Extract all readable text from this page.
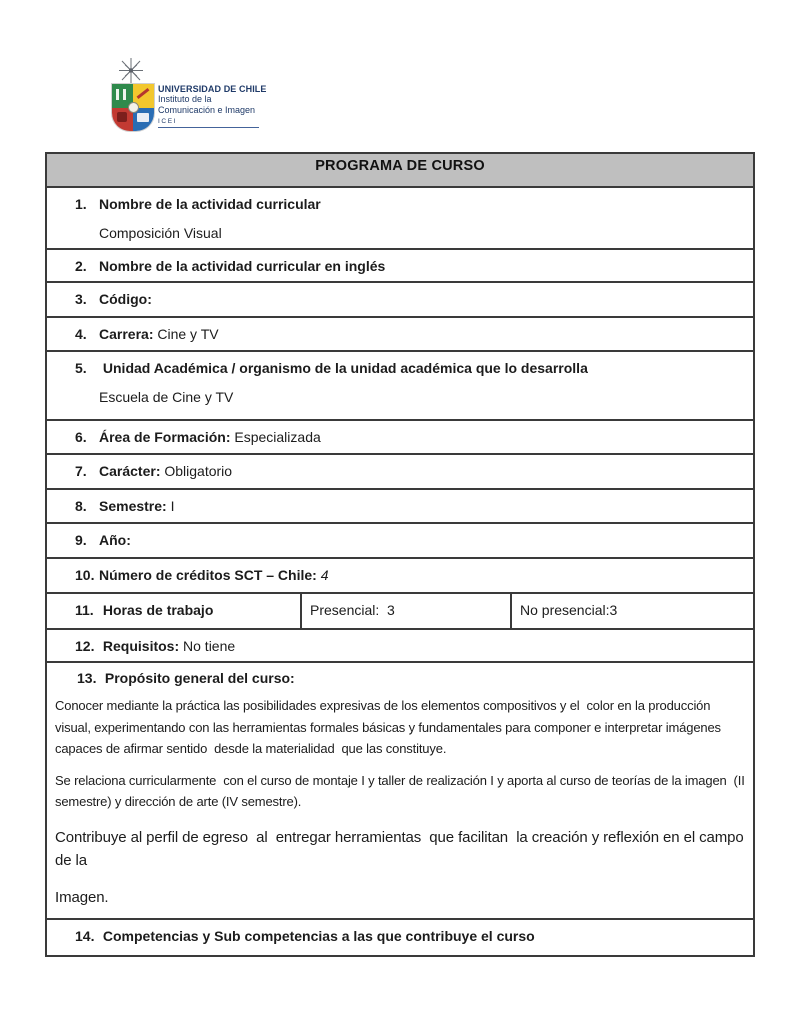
UNIVERSIDAD DE CHILE
Instituto de la
Comunicación e Imagen
ICEI
PROGRAMA DE CURSO
1. Nombre de la actividad curricular
Composición Visual
2. Nombre de la actividad curricular en inglés
3. Código:
4. Carrera: Cine y TV
5. Unidad Académica / organismo de la unidad académica que lo desarrolla
Escuela de Cine y TV
6. Área de Formación: Especializada
7. Carácter: Obligatorio
8. Semestre: I
9. Año:
10. Número de créditos SCT – Chile: 4
11. Horas de trabajo	Presencial:  3	No presencial:3
12. Requisitos: No tiene
13. Propósito general del curso:

Conocer mediante la práctica las posibilidades expresivas de los elementos compositivos y el  color en la producción visual, experimentando con las herramientas formales básicas y fundamentales para componer e interpretar imágenes capaces de afirmar sentido  desde la materialidad  que las constituye.

Se relaciona curricularmente  con el curso de montaje I y taller de realización I y aporta al curso de teorías de la imagen  (II semestre) y dirección de arte (IV semestre).

Contribuye al perfil de egreso  al  entregar herramientas  que facilitan  la creación y reflexión en el campo de la

Imagen.

14. Competencias y Sub competencias a las que contribuye el curso
